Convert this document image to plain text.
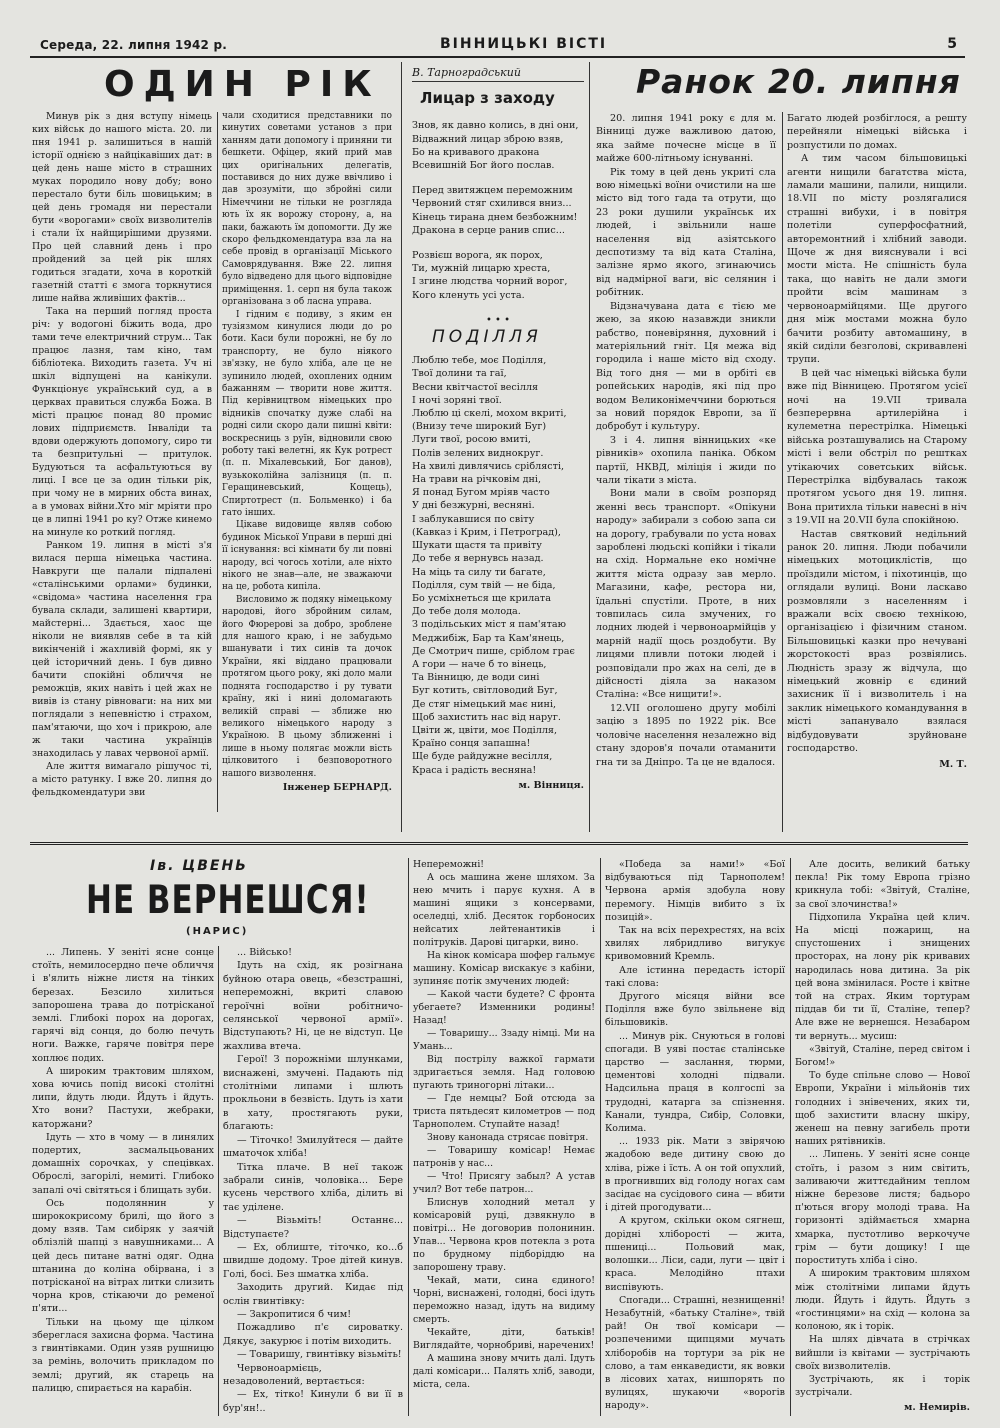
Середа, 22. липня 1942 р.	ВІННИЦЬКІ ВІСТІ	5
ОДИН РІК

Минув рік з дня вступу німець ких військ до нашого міста. 20. ли пня 1941 р. залишиться в нашій історії однією з найцікавіших дат: в цей день наше місто в страшних муках породило нову добу; воно перестало бути біль шовицьким; в цей день громадя ни перестали бути «ворогами» своїх визволителів і стали їх найщирішими друзями. Про цей славний день і про пройдений за цей рік шлях годиться згадати, хоча в короткій газетній статті є змога торкнутися лише найва жливіших фактів...

Така на перший погляд проста річ: у водогоні біжить вода, дро тами тече електричний струм... Так працює лазня, там кіно, там бібліотека. Виходить газета. Уч ні шкіл відпущені на канікули. Функціонує український суд, а в церквах правиться служба Божа. В місті працює понад 80 промис лових підприємств. Інваліди та вдови одержують допомогу, сиро ти та безпритульні — притулок. Будуються та асфальтуються ву лиці. І все це за один тільки рік, при чому не в мирних обста винах, а в умовах війни.Хто міг мріяти про це в липні 1941 ро ку? Отже кинемо на минуле ко роткий погляд.

Ранком 19. липня в місті з'я вилася перша німецька частина. Навкруги ще палали підпалені «сталінськими орлами» будинки, «свідома» частина населення гра бувала склади, залишені квартири, майстерні... Здається, хаос ще ніколи не виявляв себе в та кій викінченій і жахливій формі, як у цей історичний день. І був дивно бачити спокійні обличчя не реможців, яких навіть і цей жах не вивів із стану рівноваги: на них ми поглядали з непевністю і страхом, пам'ятаючи, що хоч і прикрою, але ж таки частина українців знаходилась у лавах червоної армії.

Але життя вимагало рішучос ті, а місто ратунку. І вже 20. липня до фельдкомендатури зви

чали сходитися представники по кинутих советами установ з при ханням дати допомогу і приняни ти бешкети. Офіцер, який прий мав цих оригінальних делегатів, поставився до них дуже ввічливо і дав зрозуміти, що збройні сили Німеччини не тільки не розгляда ють їх як ворожу сторону, а, на паки, бажають їм допомогти. Ду же скоро фельдкомендатура вза ла на себе провід в організації Міського Самоврядування. Вже 22. липня було відведено для цього відповідне приміщення. 1. серп ня була також організована з об ласна управа.

І гідним є подиву, з яким ен тузіязмом кинулися люди до ро боти. Каси були порожні, не бу ло транспорту, не було ніякого зв'язку, не було хліба, але це не зупинило людей, охоплених одним бажанням — творити нове життя. Під керівництвом німецьких про відників спочатку дуже слабі на родні сили скоро дали пишні квіти: воскресниць з руїн, відновили свою роботу такі велетні, як Кук ротрест (п. п. Міхалевський, Бог данов), вузькоколійна залізниця (п. п. Геращиневський, Кощець), Спиртотрест (п. Больменко) і ба гато інших.

Цікаве видовище являв собою будинок Міської Управи в перші дні її існування: всі кімнати бу ли повні народу, всі чогось хотіли, але ніхто нікого не знав—але, не зважаючи на це, робота кипіла.

Висловимо ж подяку німецькому народові, його збройним силам, його Фюрерові за добро, зроблене для нашого краю, і не забудьмо вшанувати і тих синів та дочок України, які віддано працювали протягом цього року, які доло мали поднята господарство і ру тувати країну, які і нині доломагають великій справі — зближе ню великого німецького народу з Україною. В цьому зближенні і лише в ньому полягає можли вість цілковитого і безповоротного нашого визволення.

Інженер БЕРНАРД.
В. Тарноградський
Лицар з заходу
Знов, як давно колись, в дні они,
Відважний лицар зброю взяв,
Бо на кривавого дракона
Всевишній Бог його послав.
Перед звитяжцем переможним
Червоний стяг схилився вниз...
Кінець тирана днем безбожним!
Дракона в серце ранив спис...
Розвієш ворога, як порох,
Ти, мужній лицарю хреста,
І згине людства чорний ворог,
Кого кленуть усі уста.
• • •
ПОДІЛЛЯ
Люблю тебе, моє Поділля,
Твої долини та гаї,
Весни квітчастої весілля
І ночі зоряні твої.
Люблю ці скелі, мохом вкриті,
(Внизу тече широкий Буг)
Луги твої, росою вмиті,
Полів зелених виднокруг.
На хвилі дивлячись сріблясті,
На трави на річковім дні,
Я понад Бугом мріяв часто
У дні безжурні, весняні.
І заблукавшися по світу
(Кавказ і Крим, і Петроград),
Шукати щастя та привіту
До тебе я вернувсь назад.
На міць та силу ти багате,
Поділля, сум твій — не біда,
Бо усміхнеться ще крилата
До тебе доля молода.
З подільських міст я пам'ятаю
Меджибіж, Бар та Кам'янець,
Де Смотрич пише, сріблом грає
А гори — наче б то вінець,
Та Вінницю, де води сині
Буг котить, світловодий Буг,
Де стяг німецький має нині,
Щоб захистить нас від наруг.
Цвіти ж, цвіти, моє Поділля,
Країно сонця запашна!
Ще буде райдужне весілля,
Краса і радість весняна!
м. Вінниця.
Ранок 20. липня

20. липня 1941 року є для м. Вінниці дуже важливою датою, яка займе почесне місце в її майже 600-літньому існуванні.

Рік тому в цей день укриті сла вою німецькі воїни очистили на ше місто від того гада та отрути, що 23 роки душили українськ их людей, і звільнили наше населення від азіятського деспотизму та від ката Сталіна, залізне ярмо якого, згинаючись від надмірної ваги, віс селянин і робітник.

Відзначувана дата є тією ме жею, за якою назавжди зникли рабство, поневіряння, духовний і матеріяльний гніт. Ця межа від городила і наше місто від сходу. Від того дня — ми в орбіті єв ропейських народів, які під про водом Великонімеччини борються за новий порядок Европи, за її добробут і культуру.

З і 4. липня вінницьких «ке рівників» охопила паніка. Обком партії, НКВД, міліція і жиди по чали тікати з міста.

Вони мали в своїм розпоряд женні весь транспорт. «Опікуни народу» забирали з собою запа си на дорогу, грабували по уста новах заробленi людьскi копійки і тікали на схід. Нормальне еко номічне життя міста одразу зав мерло. Магазини, кафе, рестора ни, їдальні спустіли. Проте, в них товпилась сила змучених, го лодних людей і червоноармійців у марній надії щось роздобути. Ву лицями пливли потоки людей і розповідали про жах на селі, де в дійсності діяла за наказом Сталіна: «Все нищити!».

12.VII оголошено другу мобілі зацію з 1895 по 1922 рік. Все чоловіче населення незалежно від стану здоров'я почали отаманити гна ти за Дніпро. Та це не вдалося.

Багато людей розбіглося, а решту перейняли німецькі війська і розпустили по домах.

А тим часом більшовицькі агенти нищили багатства міста, ламали машини, палили, нищили. 18.VII по місту розлягалися страшні вибухи, і в повітря полетіли суперфосфатний, авторемонтний і хлібний заводи. Щоче ж дня вияснували і всі мости міста. Не спішність була така, що навіть не дали змоги пройти всім машинам з червоноармійцями. Ще другого дня між мостами можна було бачити розбиту автомашину, в якій сиділи безголові, скривавлені трупи.

В цей час німецькі війська були вже під Вінницею. Протягом усієї ночі на 19.VII тривала безперервна артилерійна і кулеметна перестрілка. Німецькі війська розташувались на Старому місті і вели обстріл по рештках утікаючих советських військ. Перестрілка відбувалась також протягом усього дня 19. липня. Вона притихла тільки навесні в ніч з 19.VII на 20.VII була спокійною.

Настав святковий недільний ранок 20. липня. Люди побачили німецьких мотоциклістів, що проїздили містом, і піхотинців, що оглядали вулиці. Вони ласкаво розмовляли з населенням і вражали всіх своєю технікою, організацією і фізичним станом. Більшовицькі казки про нечувані жорстокості враз розвіялись. Людність зразу ж відчула, що німецький жовнір є єдиний захисник її і визволитель і на заклик німецького командування в місті запанувало взялася відбудовувати зруйноване господарство.

М. Т.
Ів. ЦВЕНЬ
НЕ ВЕРНЕШСЯ!
(НАРИС)

... Липень. У зеніті ясне сонце стоїть, немилосердно пече обличчя і в'ялить ніжне листя на тінких березах. Безсило хилиться запорошена трава до потрісканої землі. Глибокі порох на дорогах, гарячі від сонця, до болю печуть ноги. Важке, гаряче повітря пере хоплює подих.

А широким трактовим шляхом, хова ючись попід високі столітні липи, йдуть люди. Йдуть і йдуть. Хто вони? Пастухи, жебраки, каторжани?

Ідуть — хто в чому — в линялих подертих, засмальцьованих домашніх сорочках, у спецівках. Оброслі, загорілі, немиті. Глибоко запалі очі світяться і блищать зуби.

Ось подоляннин у ширококрисому брилі, що його з дому взяв. Там сибіряк у заячій облізлій шапці з навушниками... А цей десь питане ватні одяг. Одна штанина до коліна обірвана, і з потрісканої на вітрах литки слизить чорна кров, стікаючи до ременої п'яти...

Тільки на цьому ще цілком збереглася захисна форма. Частина з гвинтівками. Один узяв рушницю за ремінь, волочить прикладом по землі; другий, як старець на палицю, спирається на карабін.

... Військо!

Ідуть на схід, як розігнана буйною отара овець, «безстрашні, непереможні, вкриті славою героїчні воїни робітничо-селянської червоної армії». Відступають? Ні, це не відступ. Це жахлива втеча.

Герої! З порожніми шлунками, виснажені, змучені. Падають під столітніми липами і шлють прокльони в безвість. Ідуть із хати в хату, простягають руки, благають:

— Тіточко! Змилуйтеся — дайте шматочок хліба!

Тітка плаче. В неї також забрали синів, чоловіка... Бере кусень черствого хліба, ділить ві тає уділене.

— Візьміть! Останнє... Відступаєте?

— Ех, облиште, тіточко, ко...б швидше додому. Трое дітей кинув. Голі, босі. Без шматка хліба.

Заходить другий. Кидає під ослін гвинтівку:

— Закропитися б чим!

Пожадливо п'є сироватку. Дякує, закурює і потім виходить.

— Товаришу, гвинтівку візьміть!

Червоноармієць, незадоволений, вертається:

— Ех, тітко! Кинули б ви її в бур'ян!..

Непереможні!

А ось машина жене шляхом. За нею мчить і парує кухня. А в машині ящики з консервами, оселедці, хліб. Десяток горбоносих нейсатих лейтенантиків і політруків. Дарові цигарки, вино.

На кінок комісара шофер гальмує машину. Комісар вискакує з кабіни, зупиняє потік змучених людей:

— Какой части будете? С фронта убегаете? Изменники родины! Назад!

— Товаришу... Ззаду німці. Ми на Умань...

Від пострілу важкої гармати здригається земля. Над головою пугають триногорні літаки...

— Где немцы? Бой отсюда за триста пятьдесят километров — под Тарнополем. Ступайте назад!

Знову канонада стрясає повітря.

— Товаришу комісар! Немає патронів у нас...

— Что! Присягу забыл? А устав учил? Вот тебе патрон...

Блиснув холодний метал у комісаровій руці, дзвякнуло в повітрі... Не договорив полонинин. Упав... Червона кров потекла з рота по брудному підборіддю на запорошену траву.

Чекай, мати, сина єдиного! Чорні, виснажені, голодні, босі ідуть переможно назад, ідуть на видиму смерть.

Чекайте, діти, батьків! Виглядайте, чорнобриві, наречених!

А машина знову мчить далі. Ідуть далі комісари... Палять хліб, заводи, міста, села.

«Победа за нами!» «Бої відбуваються під Тарнополем! Червона армія здобула нову перемогу. Німців вибито з їх позицій».

Так на всіх перехрестях, на всіх хвилях лябридливо вигукує кривомовний Кремль.

Але істинна передасть історії такі слова:

Другого місяця війни все Поділля вже було звільнене від більшовиків.

... Минув рік. Снуються в голові спогади. В уяві постає сталінське царство — заслання, тюрми, цементові холодні підвали. Надсильна праця в колгоспі за трудодні, катарга за спізнення. Канали, тундра, Сибір, Соловки, Колима.

... 1933 рік. Мати з звірячою жадобою веде дитину свою до хліва, ріже і їсть. А он той опухлий, в прогнивших від голоду ногах сам засідає на сусідового сина — вбити і дітей прогодувати...

А кругом, скільки оком сягнеш, дорідні хліборості — жита, пшениці... Польовий мак, волошки... Ліси, сади, луги — цвіт і краса. Мелодійно птахи виспівують.

Спогади... Страшні, незнищенні! Незабутній, «батьку Сталіне», твій рай! Он твої комісари — розпеченими щипцями мучать хліборобів на тортури за рік не слово, а там енкаведисти, як вовки в лісових хатах, нишпорять по вулицях, шукаючи «ворогів народу».

Але досить, великий батьку пекла! Рік тому Европа грізно крикнула тобі: «Звітуй, Сталіне, за свої злочинства!»

Підхопила Україна цей клич. На місці пожарищ, на спустошених і знищених просторах, на лону рік кривавих народилась нова дитина. За рік цей вона змінилася. Росте і квітне той на страх. Яким тортурам піддав би ти її, Сталіне, тепер? Але вже не вернешся. Незабаром ти вернуть... мусиш:

«Звітуй, Сталіне, перед світом і Богом!»

То буде спільне слово — Нової Европи, України і мільйонів тих голодних і знівечених, яких ти, щоб захистити власну шкіру, женеш на певну загибель проти наших рятівників.

... Липень. У зеніті ясне сонце стоїть, і разом з ним світить, заливаючи життєдайним теплом ніжне березове листя; бадьоро п'ються вгору молоді трава. На горизонті здіймається хмарна хмарка, пустотливо веркочуче грім — бути дощику! І ще пороституть хліба і сіно.

А широким трактовим шляхом між столітніми липами йдуть люди. Йдуть і йдуть. Йдуть з «гостинцями» на схід — колона за колоною, як і торік.

На шлях дівчата в стрічках вийшли із квітами — зустрічають своїх визволителів.

Зустрічають, як і торік зустрічали.

м. Немирів.
